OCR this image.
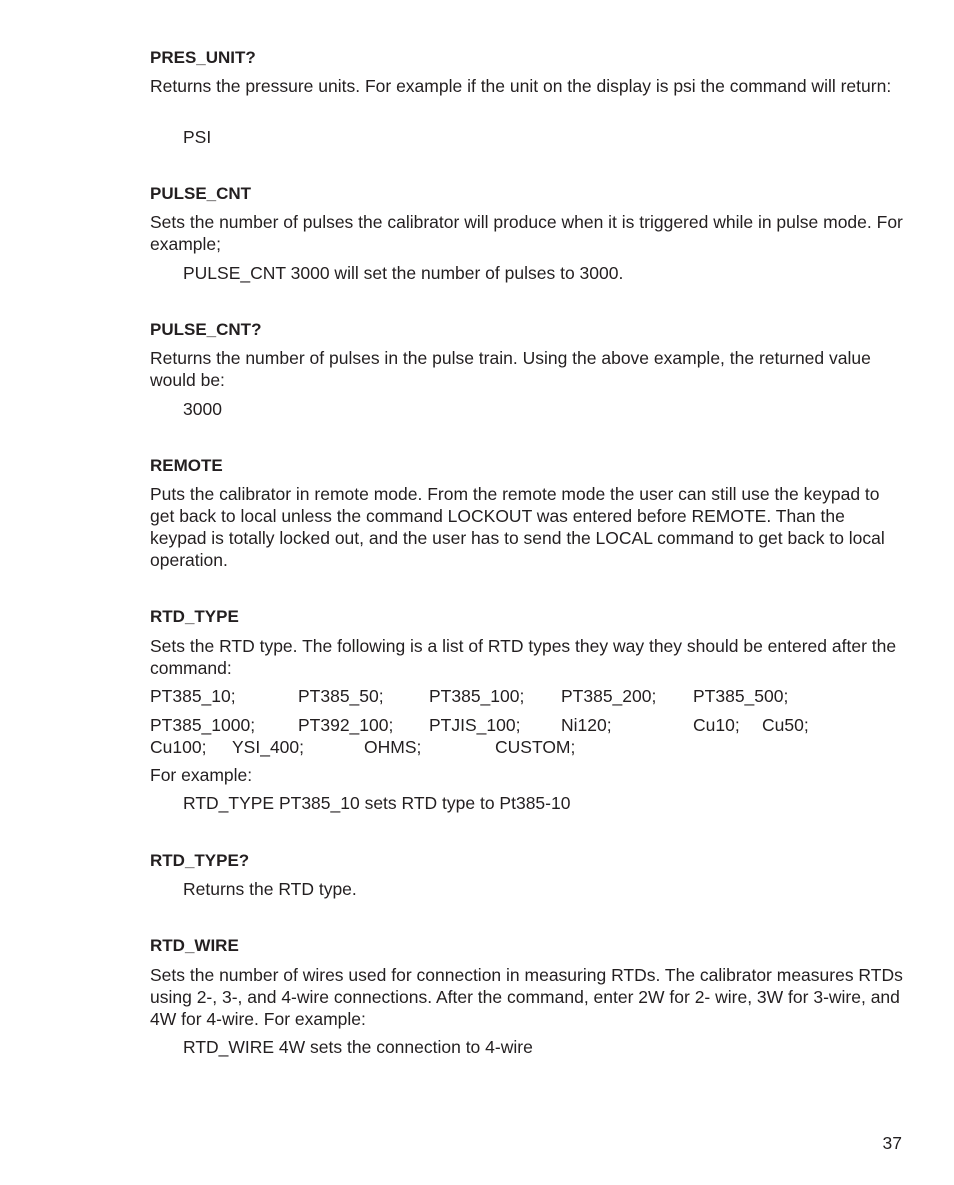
PRES_UNIT?
Returns the pressure units. For example if the unit on the display is psi the command will return:
PSI
PULSE_CNT
Sets the number of pulses the calibrator will produce when it is triggered while in pulse mode. For example;
PULSE_CNT 3000 will set the number of pulses to 3000.
PULSE_CNT?
Returns the number of pulses in the pulse train. Using the above example, the returned value would be:
3000
REMOTE
Puts the calibrator in remote mode. From the remote mode the user can still use the keypad to get back to local unless the command LOCKOUT was entered before REMOTE. Than the keypad is totally locked out, and the user has to send the LOCAL command to get back to local operation.
RTD_TYPE
Sets the RTD type. The following is a list of RTD types they way they should be entered after the command:
PT385_10;	PT385_50;	PT385_100; PT385_200; PT385_500;
PT385_1000; PT392_100; PTJIS_100; Ni120;	Cu10; Cu50;
Cu100; YSI_400;	OHMS;	CUSTOM;
For example:
RTD_TYPE PT385_10 sets RTD type to Pt385-10
RTD_TYPE?
Returns the RTD type.
RTD_WIRE
Sets the number of wires used for connection in measuring RTDs. The calibrator measures RTDs using 2-, 3-, and 4-wire connections. After the command, enter 2W for 2- wire, 3W for 3-wire, and 4W for 4-wire. For example:
RTD_WIRE 4W sets the connection to 4-wire
37
